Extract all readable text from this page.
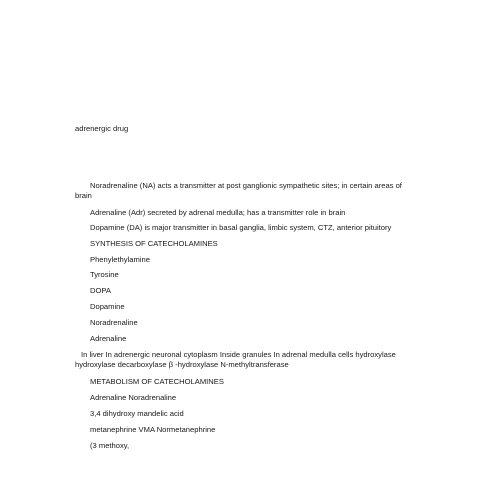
adrenergic drug
Noradrenaline (NA) acts a transmitter at post ganglionic sympathetic sites; in certain areas of brain
Adrenaline (Adr) secreted by adrenal medulla; has a transmitter role in brain
Dopamine (DA) is major transmitter in basal ganglia, limbic system, CTZ, anterior pituitory
SYNTHESIS OF CATECHOLAMINES
Phenylethylamine
Tyrosine
DOPA
Dopamine
Noradrenaline
Adrenaline
In liver In adrenergic neuronal cytoplasm Inside granules In adrenal medulla cells hydroxylase hydroxylase decarboxylase β -hydroxylase N-methyltransferase
METABOLISM OF CATECHOLAMINES
Adrenaline Noradrenaline
3,4 dihydroxy mandelic acid
metanephrine VMA Normetanephrine
(3 methoxy,
